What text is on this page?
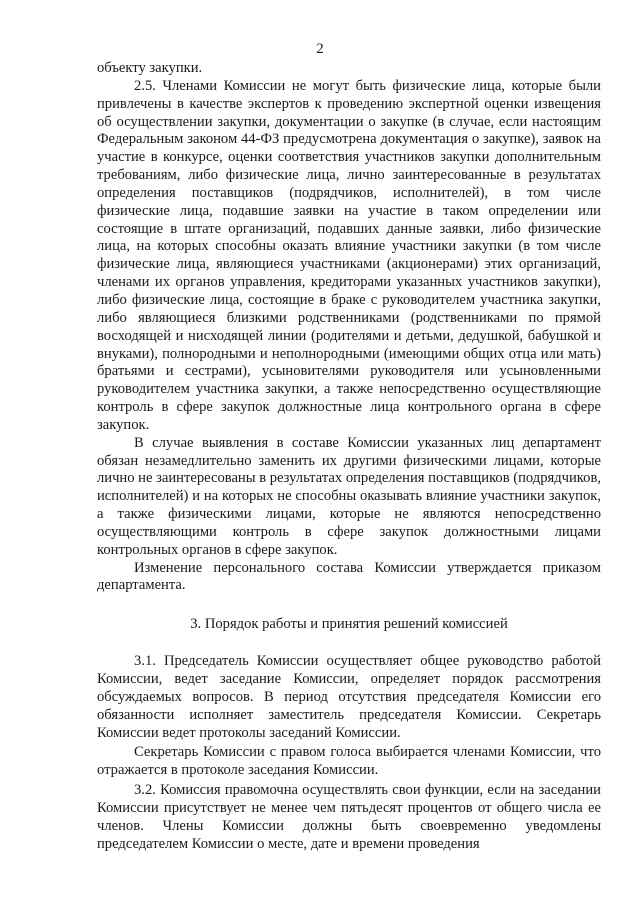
2

объекту закупки.

2.5. Членами Комиссии не могут быть физические лица, которые были привлечены в качестве экспертов к проведению экспертной оценки извещения об осуществлении закупки, документации о закупке (в случае, если настоящим Федеральным законом 44-ФЗ предусмотрена документация о закупке), заявок на участие в конкурсе, оценки соответствия участников закупки дополнительным требованиям, либо физические лица, лично заинтересованные в результатах определения поставщиков (подрядчиков, исполнителей), в том числе физические лица, подавшие заявки на участие в таком определении или состоящие в штате организаций, подавших данные заявки, либо физические лица, на которых способны оказать влияние участники закупки (в том числе физические лица, являющиеся участниками (акционерами) этих организаций, членами их органов управления, кредиторами указанных участников закупки), либо физические лица, состоящие в браке с руководителем участника закупки, либо являющиеся близкими родственниками (родственниками по прямой восходящей и нисходящей линии (родителями и детьми, дедушкой, бабушкой и внуками), полнородными и неполнородными (имеющими общих отца или мать) братьями и сестрами), усыновителями руководителя или усыновленными руководителем участника закупки, а также непосредственно осуществляющие контроль в сфере закупок должностные лица контрольного органа в сфере закупок.

В случае выявления в составе Комиссии указанных лиц департамент обязан незамедлительно заменить их другими физическими лицами, которые лично не заинтересованы в результатах определения поставщиков (подрядчиков, исполнителей) и на которых не способны оказывать влияние участники закупок, а также физическими лицами, которые не являются непосредственно осуществляющими контроль в сфере закупок должностными лицами контрольных органов в сфере закупок.

Изменение персонального состава Комиссии утверждается приказом департамента.

3. Порядок работы и принятия решений комиссией

3.1. Председатель Комиссии осуществляет общее руководство работой Комиссии, ведет заседание Комиссии, определяет порядок рассмотрения обсуждаемых вопросов. В период отсутствия председателя Комиссии его обязанности исполняет заместитель председателя Комиссии. Секретарь Комиссии ведет протоколы заседаний Комиссии.

Секретарь Комиссии с правом голоса выбирается членами Комиссии, что отражается в протоколе заседания Комиссии.

3.2. Комиссия правомочна осуществлять свои функции, если на заседании Комиссии присутствует не менее чем пятьдесят процентов от общего числа ее членов. Члены Комиссии должны быть своевременно уведомлены председателем Комиссии о месте, дате и времени проведения
